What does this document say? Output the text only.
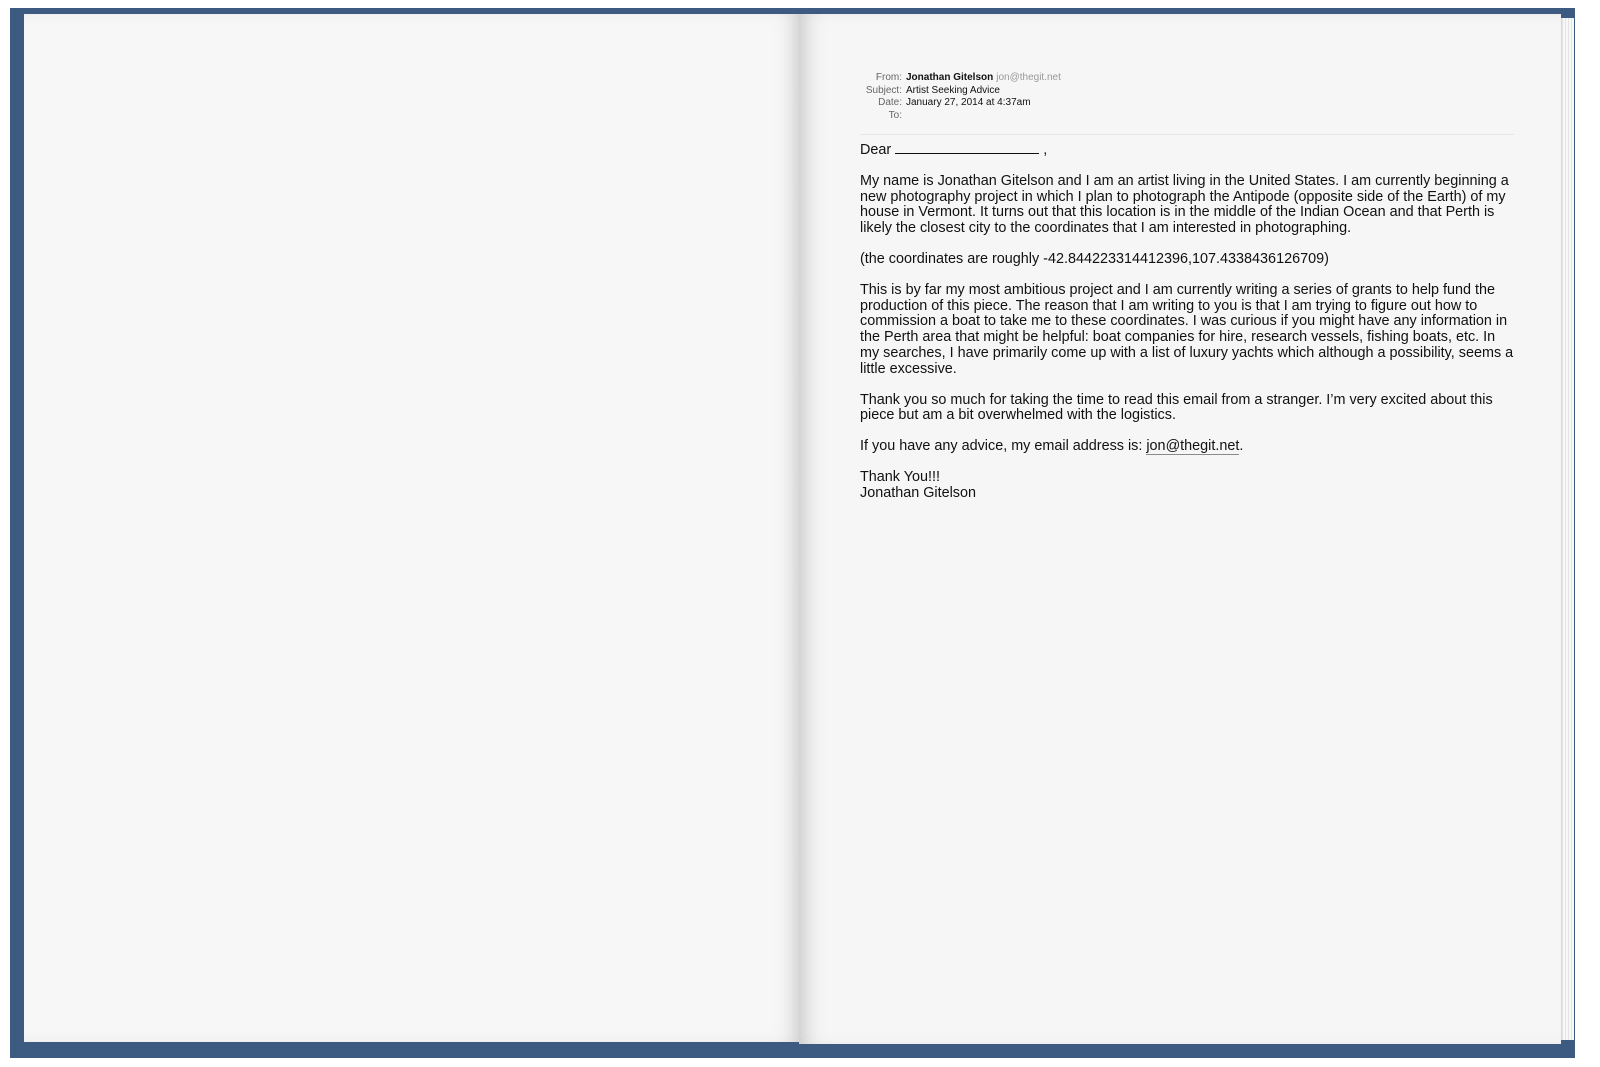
From: Jonathan Gitelson jon@thegit.net
Subject: Artist Seeking Advice
Date: January 27, 2014 at 4:37am
To:

Dear	,

My name is Jonathan Gitelson and I am an artist living in the United States. I am currently beginning a new photography project in which I plan to photograph the Antipode (opposite side of the Earth) of my house in Vermont. It turns out that this location is in the middle of the Indian Ocean and that Perth is likely the closest city to the coordinates that I am interested in photographing.

(the coordinates are roughly -42.844223314412396,107.4338436126709)

This is by far my most ambitious project and I am currently writing a series of grants to help fund the production of this piece. The reason that I am writing to you is that I am trying to figure out how to commission a boat to take me to these coordinates. I was curious if you might have any information in the Perth area that might be helpful: boat companies for hire, research vessels, fishing boats, etc. In my searches, I have primarily come up with a list of luxury yachts which although a possibility, seems a little excessive.

Thank you so much for taking the time to read this email from a stranger. I’m very excited about this piece but am a bit overwhelmed with the logistics.

If you have any advice, my email address is: jon@thegit.net.

Thank You!!!
Jonathan Gitelson
